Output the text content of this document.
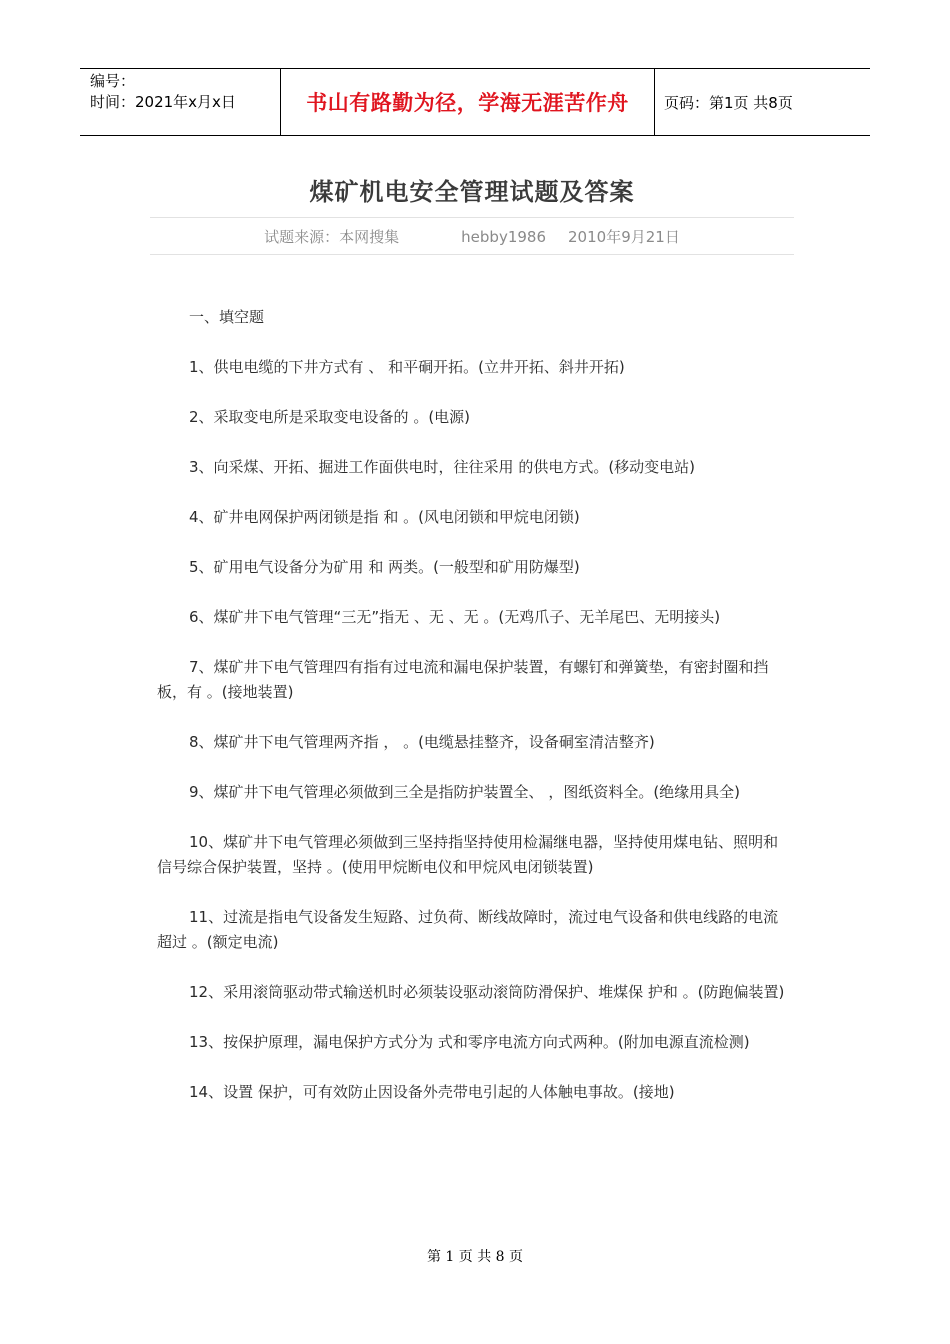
编号：
时间：2021年x月x日	书山有路勤为径，学海无涯苦作舟 页码：第1页 共8页
煤矿机电安全管理试题及答案
试题来源：本网搜集	hebby1986 2010年9月21日

一、填空题

1、供电电缆的下井方式有 、 和平硐开拓。(立井开拓、斜井开拓)

2、采取变电所是采取变电设备的 。(电源)

3、向采煤、开拓、掘进工作面供电时，往往采用 的供电方式。(移动变电站)

4、矿井电网保护两闭锁是指 和 。(风电闭锁和甲烷电闭锁)

5、矿用电气设备分为矿用 和 两类。(一般型和矿用防爆型)

6、煤矿井下电气管理“三无”指无 、无 、无 。(无鸡爪子、无羊尾巴、无明接头)

7、煤矿井下电气管理四有指有过电流和漏电保护装置，有螺钉和弹簧垫，有密封圈和挡板，有 。(接地装置)

8、煤矿井下电气管理两齐指 ， 。(电缆悬挂整齐，设备硐室清洁整齐)

9、煤矿井下电气管理必须做到三全是指防护装置全、 ，图纸资料全。(绝缘用具全)

10、煤矿井下电气管理必须做到三坚持指坚持使用检漏继电器，坚持使用煤电钻、照明和信号综合保护装置，坚持 。(使用甲烷断电仪和甲烷风电闭锁装置)

11、过流是指电气设备发生短路、过负荷、断线故障时，流过电气设备和供电线路的电流超过 。(额定电流)

12、采用滚筒驱动带式输送机时必须装设驱动滚筒防滑保护、堆煤保 护和 。(防跑偏装置)

13、按保护原理，漏电保护方式分为 式和零序电流方向式两种。(附加电源直流检测)

14、设置 保护，可有效防止因设备外壳带电引起的人体触电事故。(接地)

第 1 页 共 8 页
